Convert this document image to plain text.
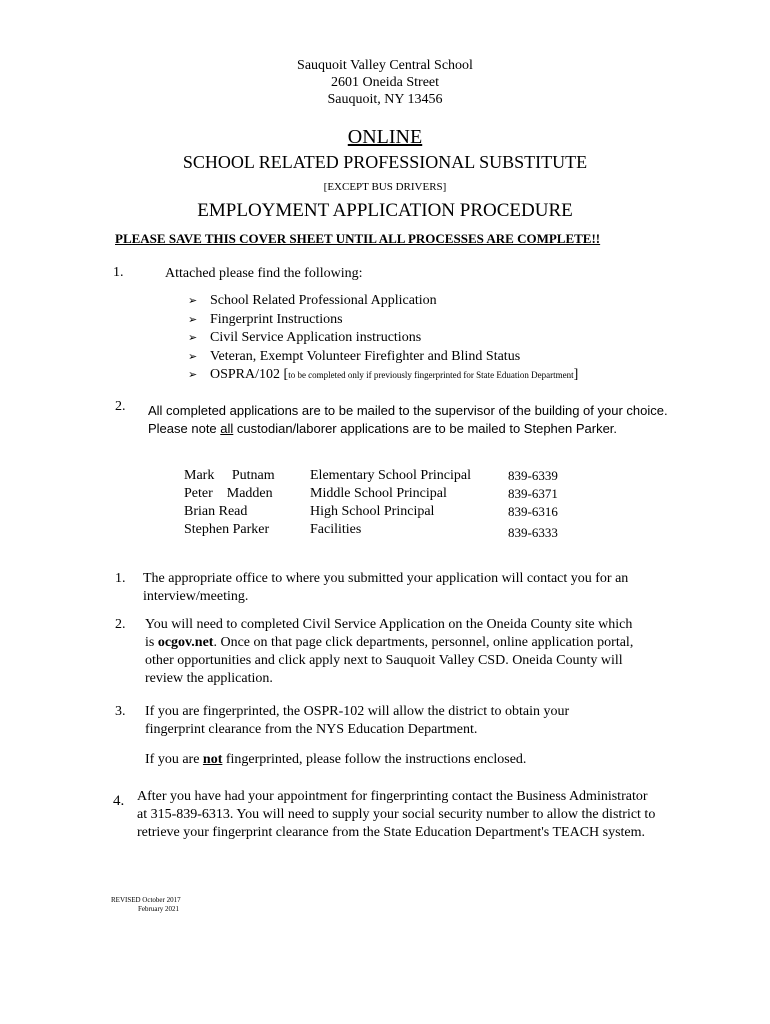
Sauquoit Valley Central School
2601 Oneida Street
Sauquoit, NY 13456
ONLINE
SCHOOL RELATED PROFESSIONAL SUBSTITUTE
[EXCEPT BUS DRIVERS]
EMPLOYMENT APPLICATION PROCEDURE
PLEASE SAVE THIS COVER SHEET UNTIL ALL PROCESSES ARE COMPLETE!!
1.	Attached please find the following:
➢ School Related Professional Application
➢ Fingerprint Instructions
➢ Civil Service Application instructions
➢ Veteran, Exempt Volunteer Firefighter and Blind Status
➢ OSPRA/102 [to be completed only if previously fingerprinted for State Eduation Department]
2. All completed applications are to be mailed to the supervisor of the building of your choice. Please note all custodian/laborer applications are to be mailed to Stephen Parker.
Mark     Putnam	Elementary School Principal	839-6339
Peter    Madden	Middle School Principal	839-6371
Brian Read	High School Principal	839-6316
Stephen Parker	Facilities	839-6333
1. The appropriate office to where you submitted your application will contact you for an interview/meeting.
2. You will need to completed Civil Service Application on the Oneida County site which is ocgov.net. Once on that page click departments, personnel, online application portal, other opportunities and click apply next to Sauquoit Valley CSD. Oneida County will review the application.
3. If you are fingerprinted, the OSPR-102 will allow the district to obtain your fingerprint clearance from the NYS Education Department.
If you are not fingerprinted, please follow the instructions enclosed.
4. After you have had your appointment for fingerprinting contact the Business Administrator at 315-839-6313. You will need to supply your social security number to allow the district to retrieve your fingerprint clearance from the State Education Department's TEACH system.
REVISED October 2017
February 2021
